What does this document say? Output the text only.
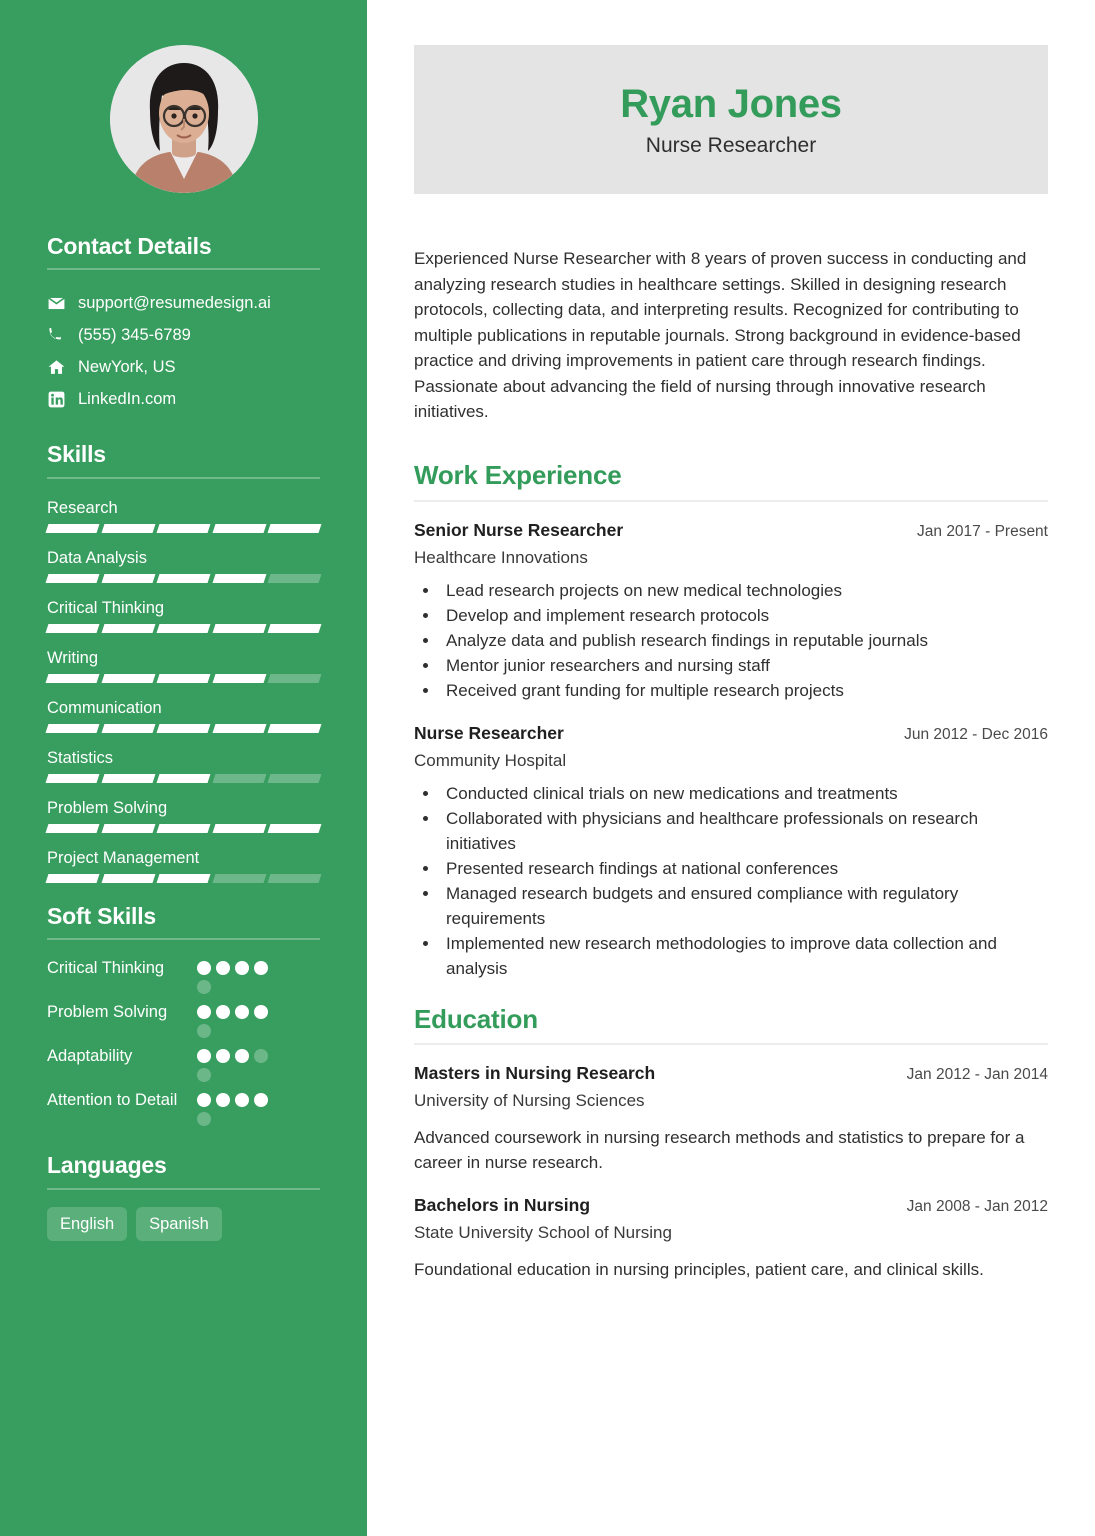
Contact Details
support@resumedesign.ai
(555) 345-6789
NewYork, US
LinkedIn.com
Skills
Research
Data Analysis
Critical Thinking
Writing
Communication
Statistics
Problem Solving
Project Management
Soft Skills
Critical Thinking
Problem Solving
Adaptability
Attention to Detail
Languages
English	Spanish
Ryan Jones
Nurse Researcher

Experienced Nurse Researcher with 8 years of proven success in conducting and analyzing research studies in healthcare settings. Skilled in designing research protocols, collecting data, and interpreting results. Recognized for contributing to multiple publications in reputable journals. Strong background in evidence-based practice and driving improvements in patient care through research findings. Passionate about advancing the field of nursing through innovative research initiatives.

Work Experience
Senior Nurse Researcher	Jan 2017 - Present
Healthcare Innovations
• Lead research projects on new medical technologies
• Develop and implement research protocols
• Analyze data and publish research findings in reputable journals
• Mentor junior researchers and nursing staff
• Received grant funding for multiple research projects
Nurse Researcher	Jun 2012 - Dec 2016
Community Hospital
• Conducted clinical trials on new medications and treatments
• Collaborated with physicians and healthcare professionals on research initiatives
• Presented research findings at national conferences
• Managed research budgets and ensured compliance with regulatory requirements
• Implemented new research methodologies to improve data collection and analysis
Education
Masters in Nursing Research	Jan 2012 - Jan 2014
University of Nursing Sciences
Advanced coursework in nursing research methods and statistics to prepare for a career in nurse research.
Bachelors in Nursing	Jan 2008 - Jan 2012
State University School of Nursing
Foundational education in nursing principles, patient care, and clinical skills.
